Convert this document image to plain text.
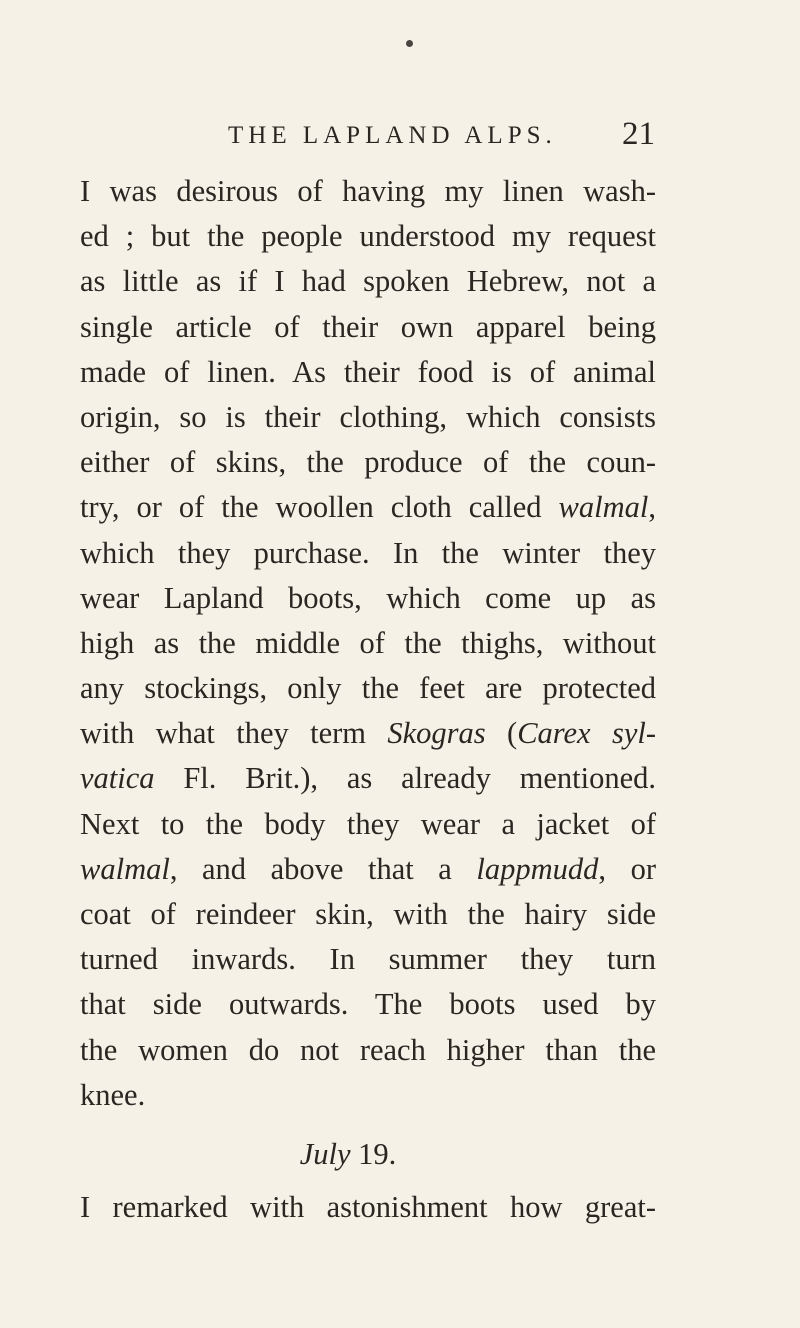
THE LAPLAND ALPS. 21
I was desirous of having my linen wash-
ed ; but the people understood my request
as little as if I had spoken Hebrew, not a
single article of their own apparel being
made of linen. As their food is of animal
origin, so is their clothing, which consists
either of skins, the produce of the coun-
try, or of the woollen cloth called walmal,
which they purchase. In the winter they
wear Lapland boots, which come up as
high as the middle of the thighs, without
any stockings, only the feet are protected
with what they term Skogras (Carex syl-
vatica Fl. Brit.), as already mentioned.
Next to the body they wear a jacket of
walmal, and above that a lappmudd, or
coat of reindeer skin, with the hairy side
turned inwards. In summer they turn
that side outwards. The boots used by
the women do not reach higher than the
knee.
July 19.
I remarked with astonishment how great-
